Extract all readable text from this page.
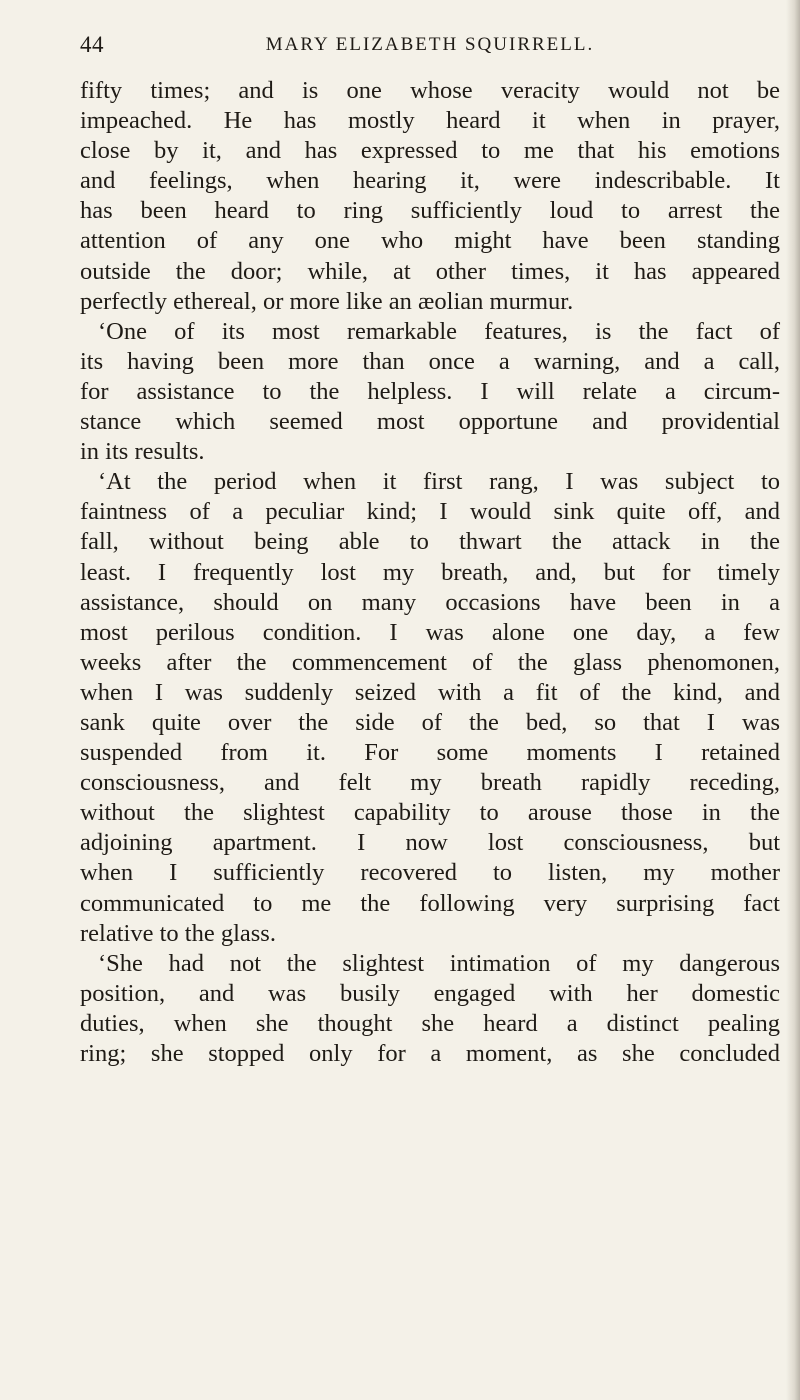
44	MARY ELIZABETH SQUIRRELL.
fifty times; and is one whose veracity would not be
impeached. He has mostly heard it when in prayer,
close by it, and has expressed to me that his emotions
and feelings, when hearing it, were indescribable. It
has been heard to ring sufficiently loud to arrest the
attention of any one who might have been standing
outside the door; while, at other times, it has appeared
perfectly ethereal, or more like an æolian murmur.
‘One of its most remarkable features, is the fact of
its having been more than once a warning, and a call,
for assistance to the helpless. I will relate a circum-
stance which seemed most opportune and providential
in its results.
‘At the period when it first rang, I was subject to
faintness of a peculiar kind; I would sink quite off, and
fall, without being able to thwart the attack in the
least. I frequently lost my breath, and, but for timely
assistance, should on many occasions have been in a
most perilous condition. I was alone one day, a few
weeks after the commencement of the glass phenomonen,
when I was suddenly seized with a fit of the kind, and
sank quite over the side of the bed, so that I was
suspended from it. For some moments I retained
consciousness, and felt my breath rapidly receding,
without the slightest capability to arouse those in the
adjoining apartment. I now lost consciousness, but
when I sufficiently recovered to listen, my mother
communicated to me the following very surprising fact
relative to the glass.
‘She had not the slightest intimation of my dangerous
position, and was busily engaged with her domestic
duties, when she thought she heard a distinct pealing
ring; she stopped only for a moment, as she concluded
